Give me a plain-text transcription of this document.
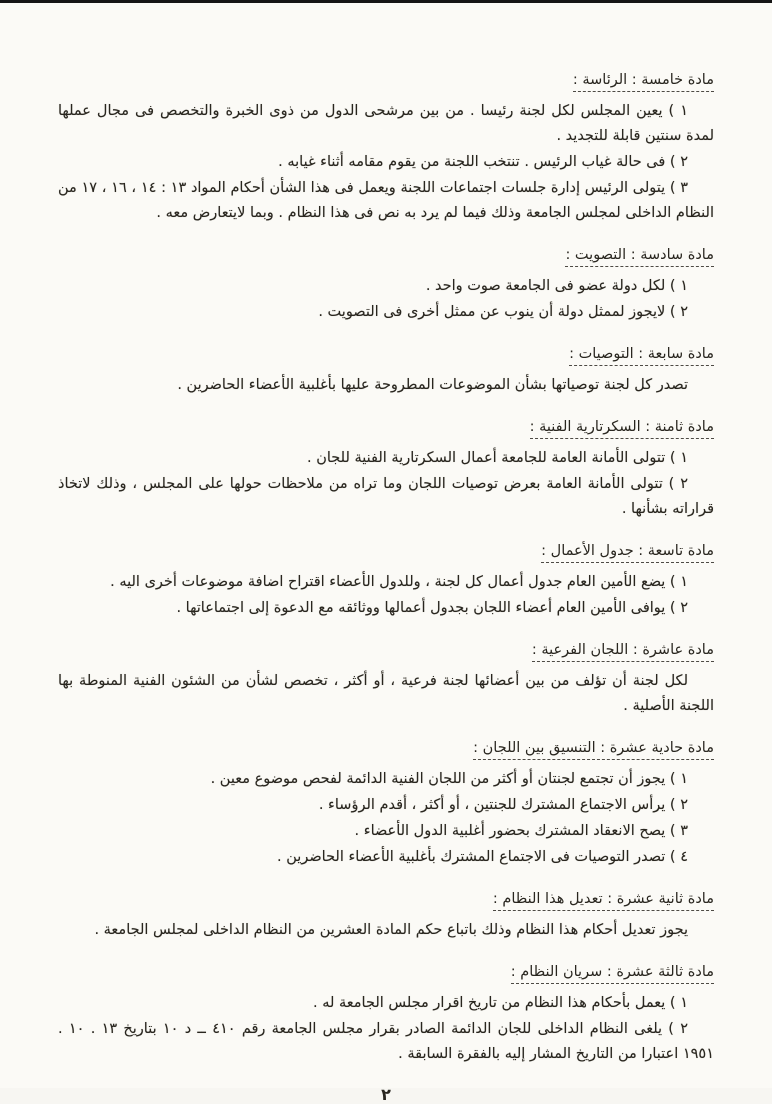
مادة خامسة : الرئاسة :

١ ) يعين المجلس لكل لجنة رئيسا . من بين مرشحى الدول من ذوى الخبرة والتخصص فى مجال عملها لمدة سنتين قابلة للتجديد .

٢ ) فى حالة غياب الرئيس . تنتخب اللجنة من يقوم مقامه أثناء غيابه .

٣ ) يتولى الرئيس إدارة جلسات اجتماعات اللجنة ويعمل فى هذا الشأن أحكام المواد ١٣ : ١٤ ، ١٦ ، ١٧ من النظام الداخلى لمجلس الجامعة وذلك فيما لم يرد به نص فى هذا النظام . وبما لايتعارض معه .

مادة سادسة : التصويت :

١ ) لكل دولة عضو فى الجامعة صوت واحد .

٢ ) لايجوز لممثل دولة أن ينوب عن ممثل أخرى فى التصويت .

مادة سابعة : التوصيات :

تصدر كل لجنة توصياتها بشأن الموضوعات المطروحة عليها بأغلبية الأعضاء الحاضرين .

مادة ثامنة : السكرتارية الفنية :

١ ) تتولى الأمانة العامة للجامعة أعمال السكرتارية الفنية للجان .

٢ ) تتولى الأمانة العامة بعرض توصيات اللجان وما تراه من ملاحظات حولها على المجلس ، وذلك لاتخاذ قراراته بشأنها .

مادة تاسعة : جدول الأعمال :

١ ) يضع الأمين العام جدول أعمال كل لجنة ، وللدول الأعضاء اقتراح اضافة موضوعات أخرى اليه .

٢ ) يوافى الأمين العام أعضاء اللجان بجدول أعمالها ووثائقه مع الدعوة إلى اجتماعاتها .

مادة عاشرة : اللجان الفرعية :

لكل لجنة أن تؤلف من بين أعضائها لجنة فرعية ، أو أكثر ، تخصص لشأن من الشئون الفنية المنوطة بها اللجنة الأصلية .

مادة حادية عشرة : التنسيق بين اللجان :

١ ) يجوز أن تجتمع لجنتان أو أكثر من اللجان الفنية الدائمة لفحص موضوع معين .

٢ ) يرأس الاجتماع المشترك للجنتين ، أو أكثر ، أقدم الرؤساء .

٣ ) يصح الانعقاد المشترك بحضور أغلبية الدول الأعضاء .

٤ ) تصدر التوصيات فى الاجتماع المشترك بأغلبية الأعضاء الحاضرين .

مادة ثانية عشرة : تعديل هذا النظام :

يجوز تعديل أحكام هذا النظام وذلك باتباع حكم المادة العشرين من النظام الداخلى لمجلس الجامعة .

مادة ثالثة عشرة : سريان النظام :

١ ) يعمل بأحكام هذا النظام من تاريخ اقرار مجلس الجامعة له .

٢ ) يلغى النظام الداخلى للجان الدائمة الصادر بقرار مجلس الجامعة رقم ٤١٠ ــ د ١٠ بتاريخ ١٣ . ١٠ . ١٩٥١ اعتبارا من التاريخ المشار إليه بالفقرة السابقة .

٢
